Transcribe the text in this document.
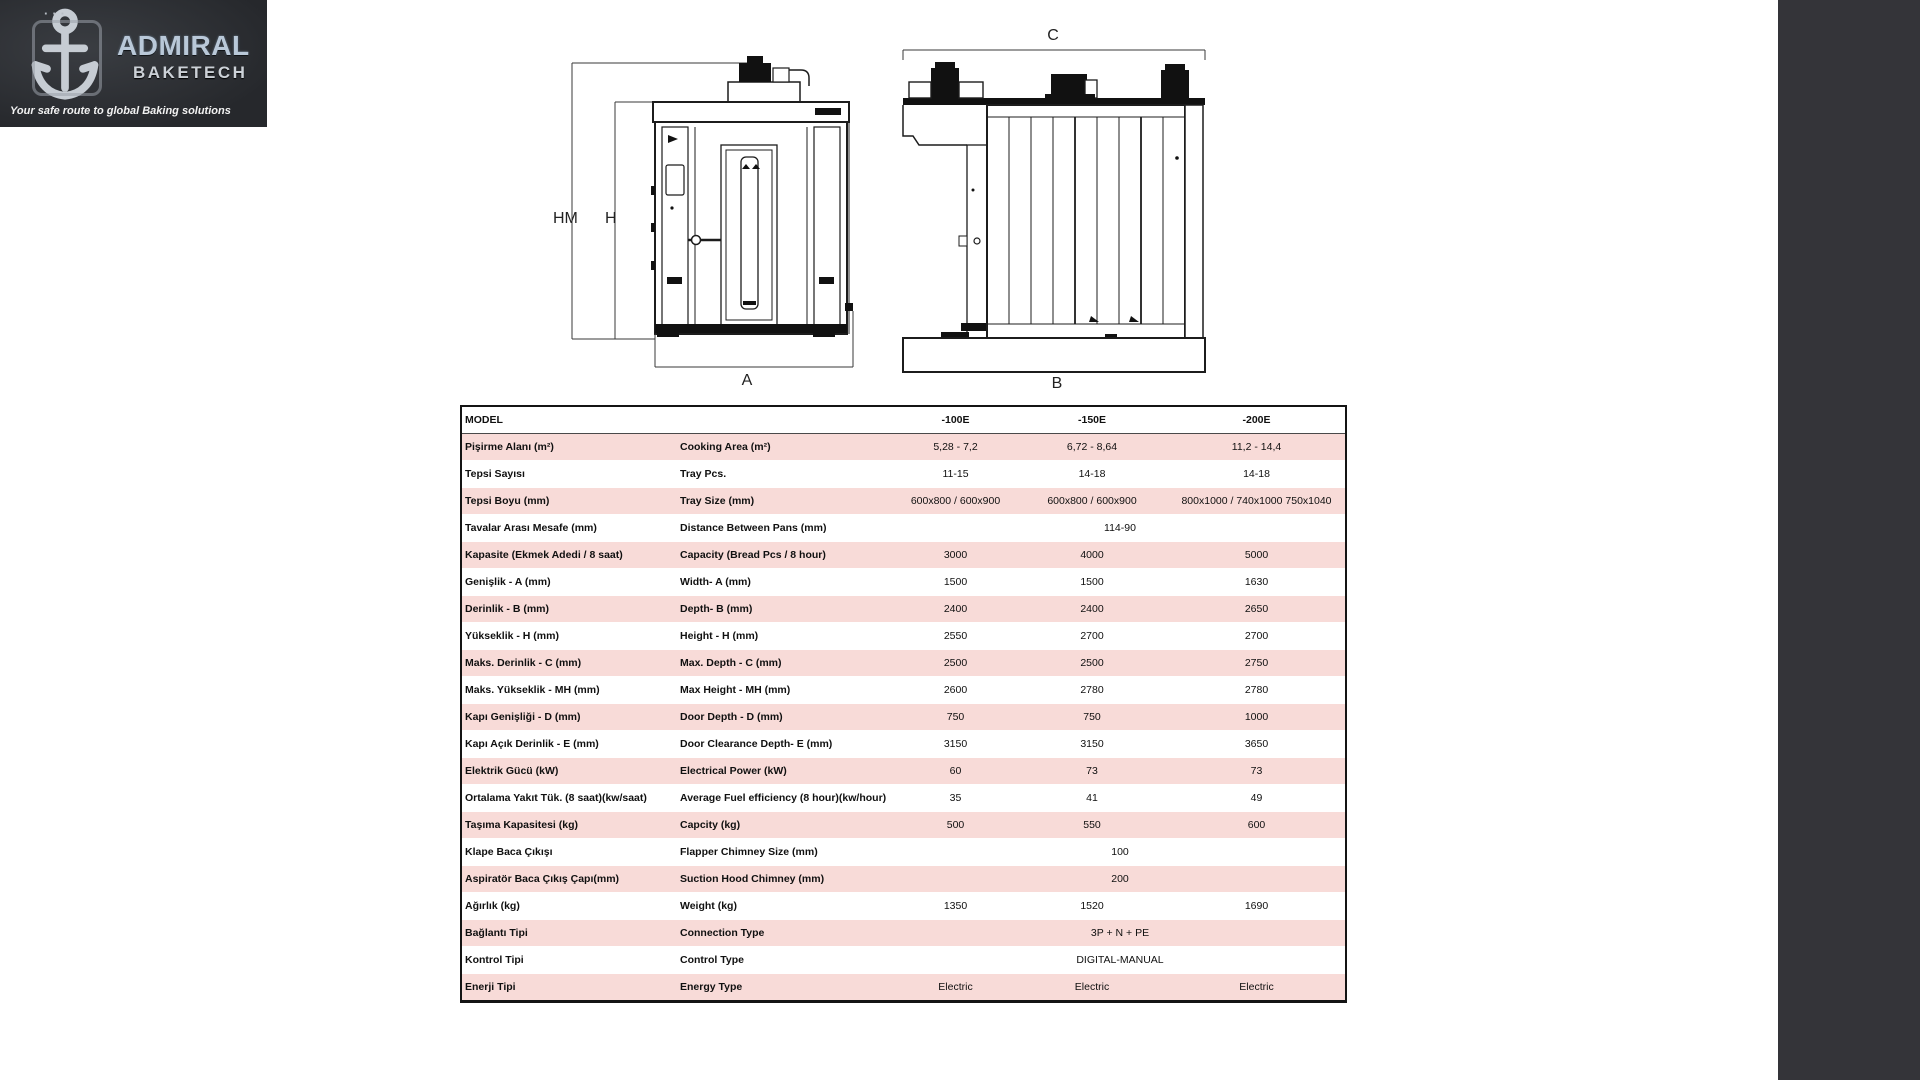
···
ADMIRAL
BAKETECH
Your safe route to global Baking solutions
HM H
A
C
B
MODEL		-100E	-150E	-200E
Pişirme Alanı (m²)	Cooking Area (m²)	5,28 - 7,2	6,72 - 8,64	11,2 - 14,4
Tepsi Sayısı	Tray Pcs.	11-15	14-18	14-18
Tepsi Boyu (mm)	Tray Size (mm)	600x800 / 600x900	600x800 / 600x900	800x1000 / 740x1000 750x1040
Tavalar Arası Mesafe (mm)	Distance Between Pans (mm)	114-90		
Kapasite (Ekmek Adedi / 8 saat)	Capacity (Bread Pcs / 8 hour)	3000	4000	5000
Genişlik - A (mm)	Width- A (mm)	1500	1500	1630
Derinlik - B (mm)	Depth- B (mm)	2400	2400	2650
Yükseklik - H (mm)	Height - H (mm)	2550	2700	2700
Maks. Derinlik - C (mm)	Max. Depth - C (mm)	2500	2500	2750
Maks. Yükseklik - MH (mm)	Max Height - MH (mm)	2600	2780	2780
Kapı Genişliği - D (mm)	Door Depth - D (mm)	750	750	1000
Kapı Açık Derinlik - E (mm)	Door Clearance Depth- E (mm)	3150	3150	3650
Elektrik Gücü (kW)	Electrical Power (kW)	60	73	73
Ortalama Yakıt Tük. (8 saat)(kw/saat)	Average Fuel efficiency (8 hour)(kw/hour)	35	41	49
Taşıma Kapasitesi (kg)	Capcity (kg)	500	550	600
Klape Baca Çıkışı	Flapper Chimney Size (mm)	100		
Aspiratör Baca Çıkış Çapı(mm)	Suction Hood Chimney (mm)	200		
Ağırlık (kg)	Weight (kg)	1350	1520	1690
Bağlantı Tipi	Connection Type	3P + N + PE		
Kontrol Tipi	Control Type	DIGITAL-MANUAL		
Enerji Tipi	Energy Type	Electric	Electric	Electric
